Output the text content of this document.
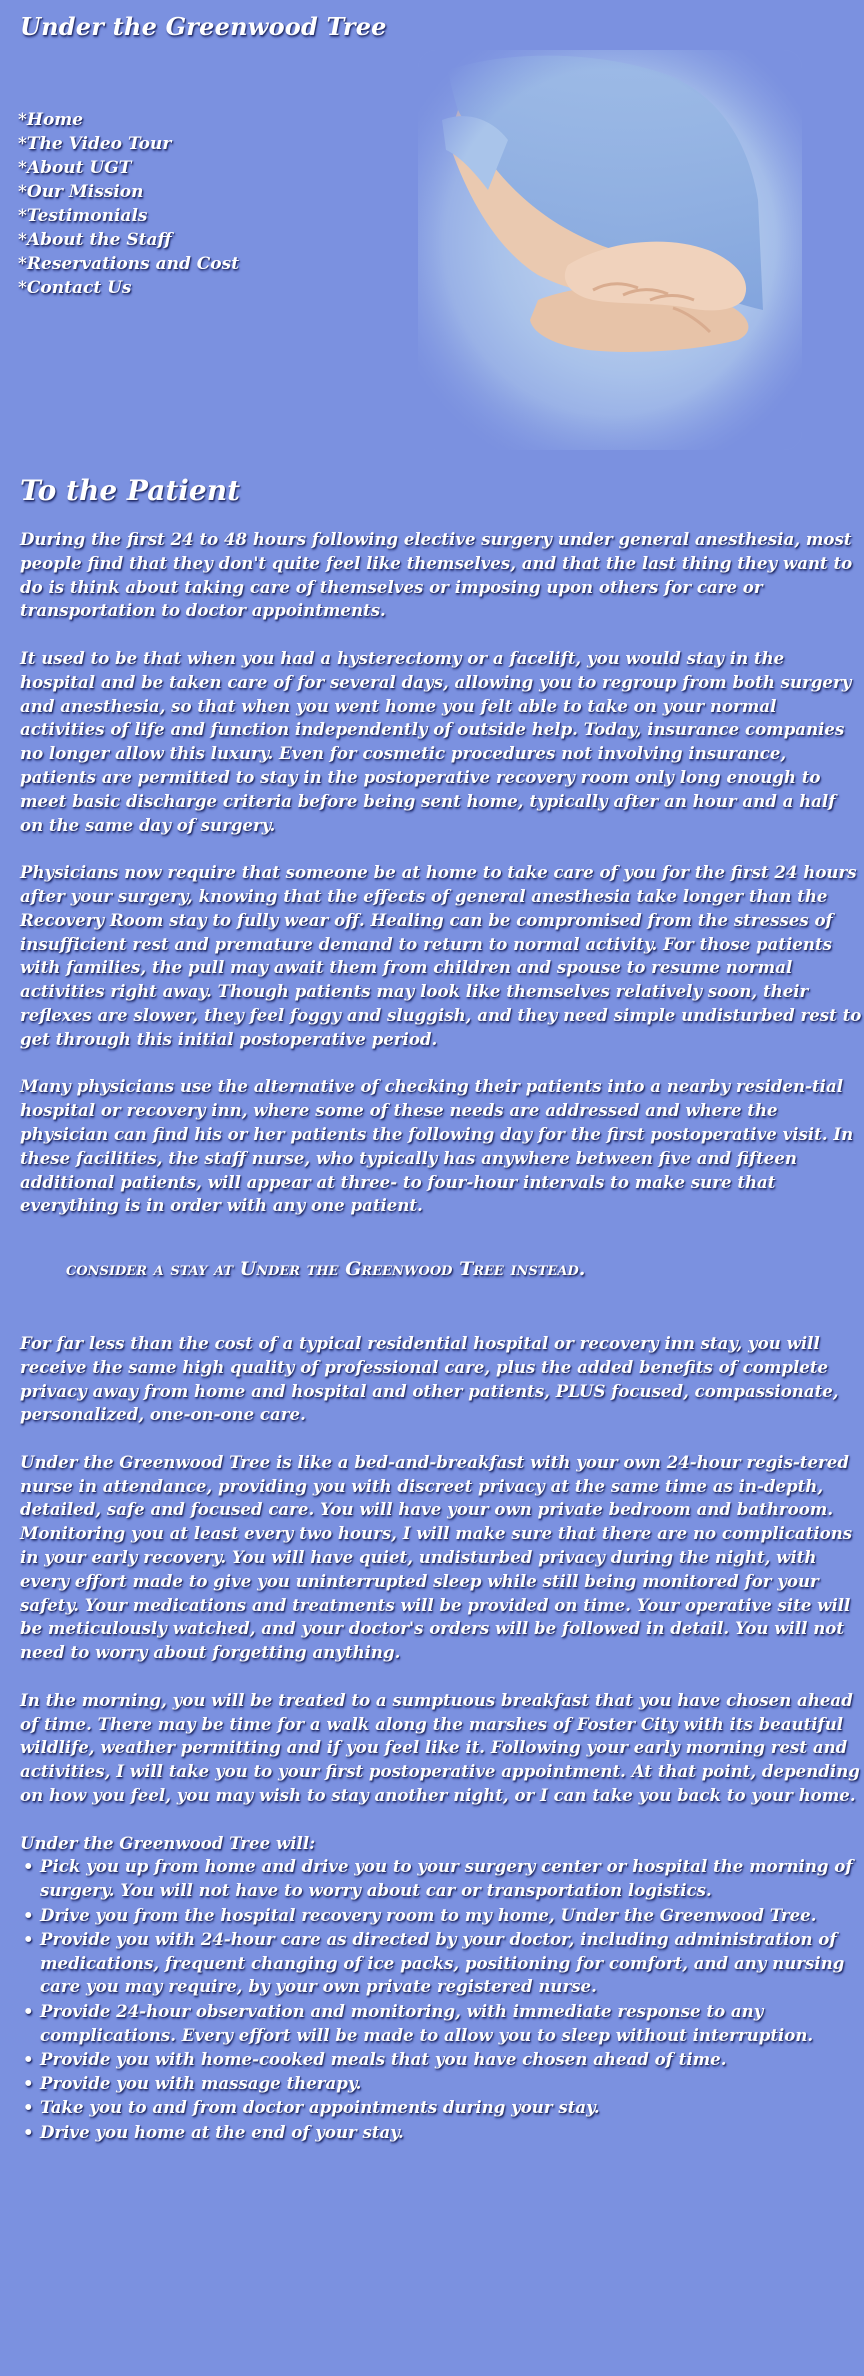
Under the Greenwood Tree
*Home
*The Video Tour
*About UGT
*Our Mission
*Testimonials
*About the Staff
*Reservations and Cost
*Contact Us
To the Patient

During the first 24 to 48 hours following elective surgery under general anesthesia, most people find that they don't quite feel like themselves, and that the last thing they want to do is think about taking care of themselves or imposing upon others for care or transportation to doctor appointments.

It used to be that when you had a hysterectomy or a facelift, you would stay in the hospital and be taken care of for several days, allowing you to regroup from both surgery and anesthesia, so that when you went home you felt able to take on your normal activities of life and function independently of outside help. Today, insurance companies no longer allow this luxury. Even for cosmetic procedures not involving insurance, patients are permitted to stay in the postoperative recovery room only long enough to meet basic discharge criteria before being sent home, typically after an hour and a half on the same day of surgery.

Physicians now require that someone be at home to take care of you for the first 24 hours after your surgery, knowing that the effects of general anesthesia take longer than the Recovery Room stay to fully wear off. Healing can be compromised from the stresses of insufficient rest and premature demand to return to normal activity. For those patients with families, the pull may await them from children and spouse to resume normal activities right away. Though patients may look like themselves relatively soon, their reflexes are slower, they feel foggy and sluggish, and they need simple undisturbed rest to get through this initial postoperative period.

Many physicians use the alternative of checking their patients into a nearby residen-tial hospital or recovery inn, where some of these needs are addressed and where the physician can find his or her patients the following day for the first postoperative visit. In these facilities, the staff nurse, who typically has anywhere between five and fifteen additional patients, will appear at three- to four-hour intervals to make sure that everything is in order with any one patient.

consider a stay at Under the Greenwood Tree instead.

For far less than the cost of a typical residential hospital or recovery inn stay, you will receive the same high quality of professional care, plus the added benefits of complete privacy away from home and hospital and other patients, PLUS focused, compassionate, personalized, one-on-one care.

Under the Greenwood Tree is like a bed-and-breakfast with your own 24-hour regis-tered nurse in attendance, providing you with discreet privacy at the same time as in-depth, detailed, safe and focused care. You will have your own private bedroom and bathroom. Monitoring you at least every two hours, I will make sure that there are no complications in your early recovery. You will have quiet, undisturbed privacy during the night, with every effort made to give you uninterrupted sleep while still being monitored for your safety. Your medications and treatments will be provided on time. Your operative site will be meticulously watched, and your doctor's orders will be followed in detail. You will not need to worry about forgetting anything.

In the morning, you will be treated to a sumptuous breakfast that you have chosen ahead of time. There may be time for a walk along the marshes of Foster City with its beautiful wildlife, weather permitting and if you feel like it. Following your early morning rest and activities, I will take you to your first postoperative appointment. At that point, depending on how you feel, you may wish to stay another night, or I can take you back to your home.

Under the Greenwood Tree will:
• Pick you up from home and drive you to your surgery center or hospital the morning of surgery. You will not have to worry about car or transportation logistics.
• Drive you from the hospital recovery room to my home, Under the Greenwood Tree.
• Provide you with 24-hour care as directed by your doctor, including administration of medications, frequent changing of ice packs, positioning for comfort, and any nursing care you may require, by your own private registered nurse.
• Provide 24-hour observation and monitoring, with immediate response to any complications. Every effort will be made to allow you to sleep without interruption.
• Provide you with home-cooked meals that you have chosen ahead of time.
• Provide you with massage therapy.
• Take you to and from doctor appointments during your stay.
• Drive you home at the end of your stay.
